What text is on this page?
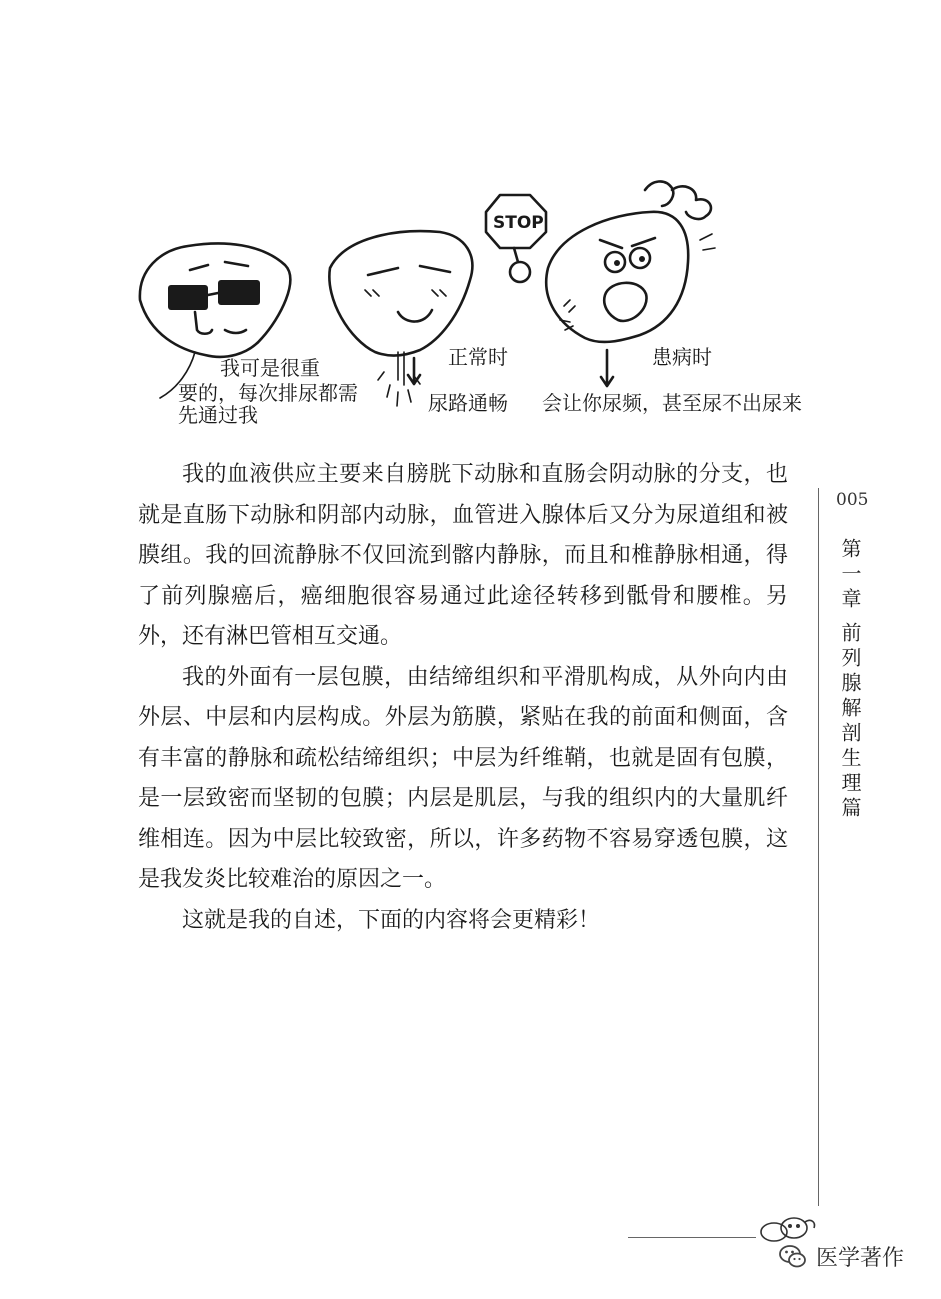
我可是很重
要的，每次排尿都需
先通过我
正常时
尿路通畅
STOP
患病时
会让你尿频，甚至尿不出尿来

我的血液供应主要来自膀胱下动脉和直肠会阴动脉的分支，也就是直肠下动脉和阴部内动脉，血管进入腺体后又分为尿道组和被膜组。我的回流静脉不仅回流到髂内静脉，而且和椎静脉相通，得了前列腺癌后，癌细胞很容易通过此途径转移到骶骨和腰椎。另外，还有淋巴管相互交通。

我的外面有一层包膜，由结缔组织和平滑肌构成，从外向内由外层、中层和内层构成。外层为筋膜，紧贴在我的前面和侧面，含有丰富的静脉和疏松结缔组织；中层为纤维鞘，也就是固有包膜，是一层致密而坚韧的包膜；内层是肌层，与我的组织内的大量肌纤维相连。因为中层比较致密，所以，许多药物不容易穿透包膜，这是我发炎比较难治的原因之一。

这就是我的自述，下面的内容将会更精彩！

005
第一章
前列腺解剖生理篇
医学著作
